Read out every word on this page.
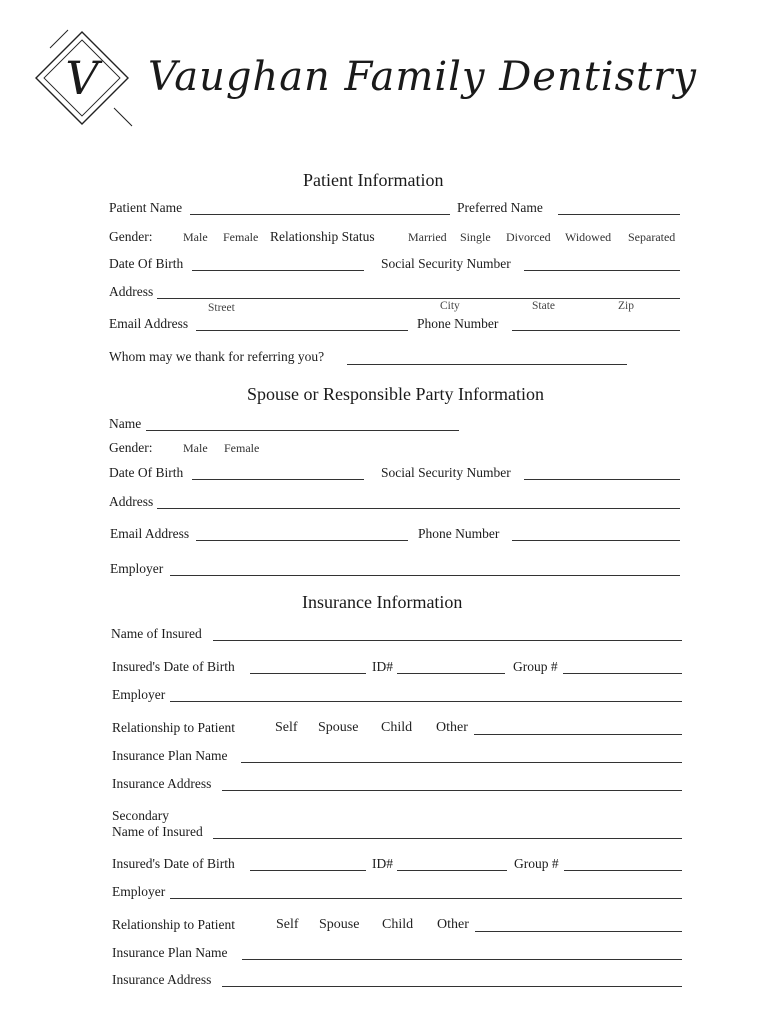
V Vaughan Family Dentistry
Patient Information
Patient Name	Preferred Name
Gender:	Male Female Relationship Status	Married Single Divorced Widowed Separated
Date Of Birth	Social Security Number
Address
Street	City	State	Zip
Email Address	Phone Number
Whom may we thank for referring you?
Spouse or Responsible Party Information
Name
Gender:	Male Female
Date Of Birth	Social Security Number
Address
Email Address	Phone Number
Employer
Insurance Information
Name of Insured
Insured's Date of Birth	ID#	Group #
Employer
Relationship to Patient	Self Spouse Child Other
Insurance Plan Name
Insurance Address
Secondary
Name of Insured
Insured's Date of Birth	ID#	Group #
Employer
Relationship to Patient	Self Spouse Child Other
Insurance Plan Name
Insurance Address
